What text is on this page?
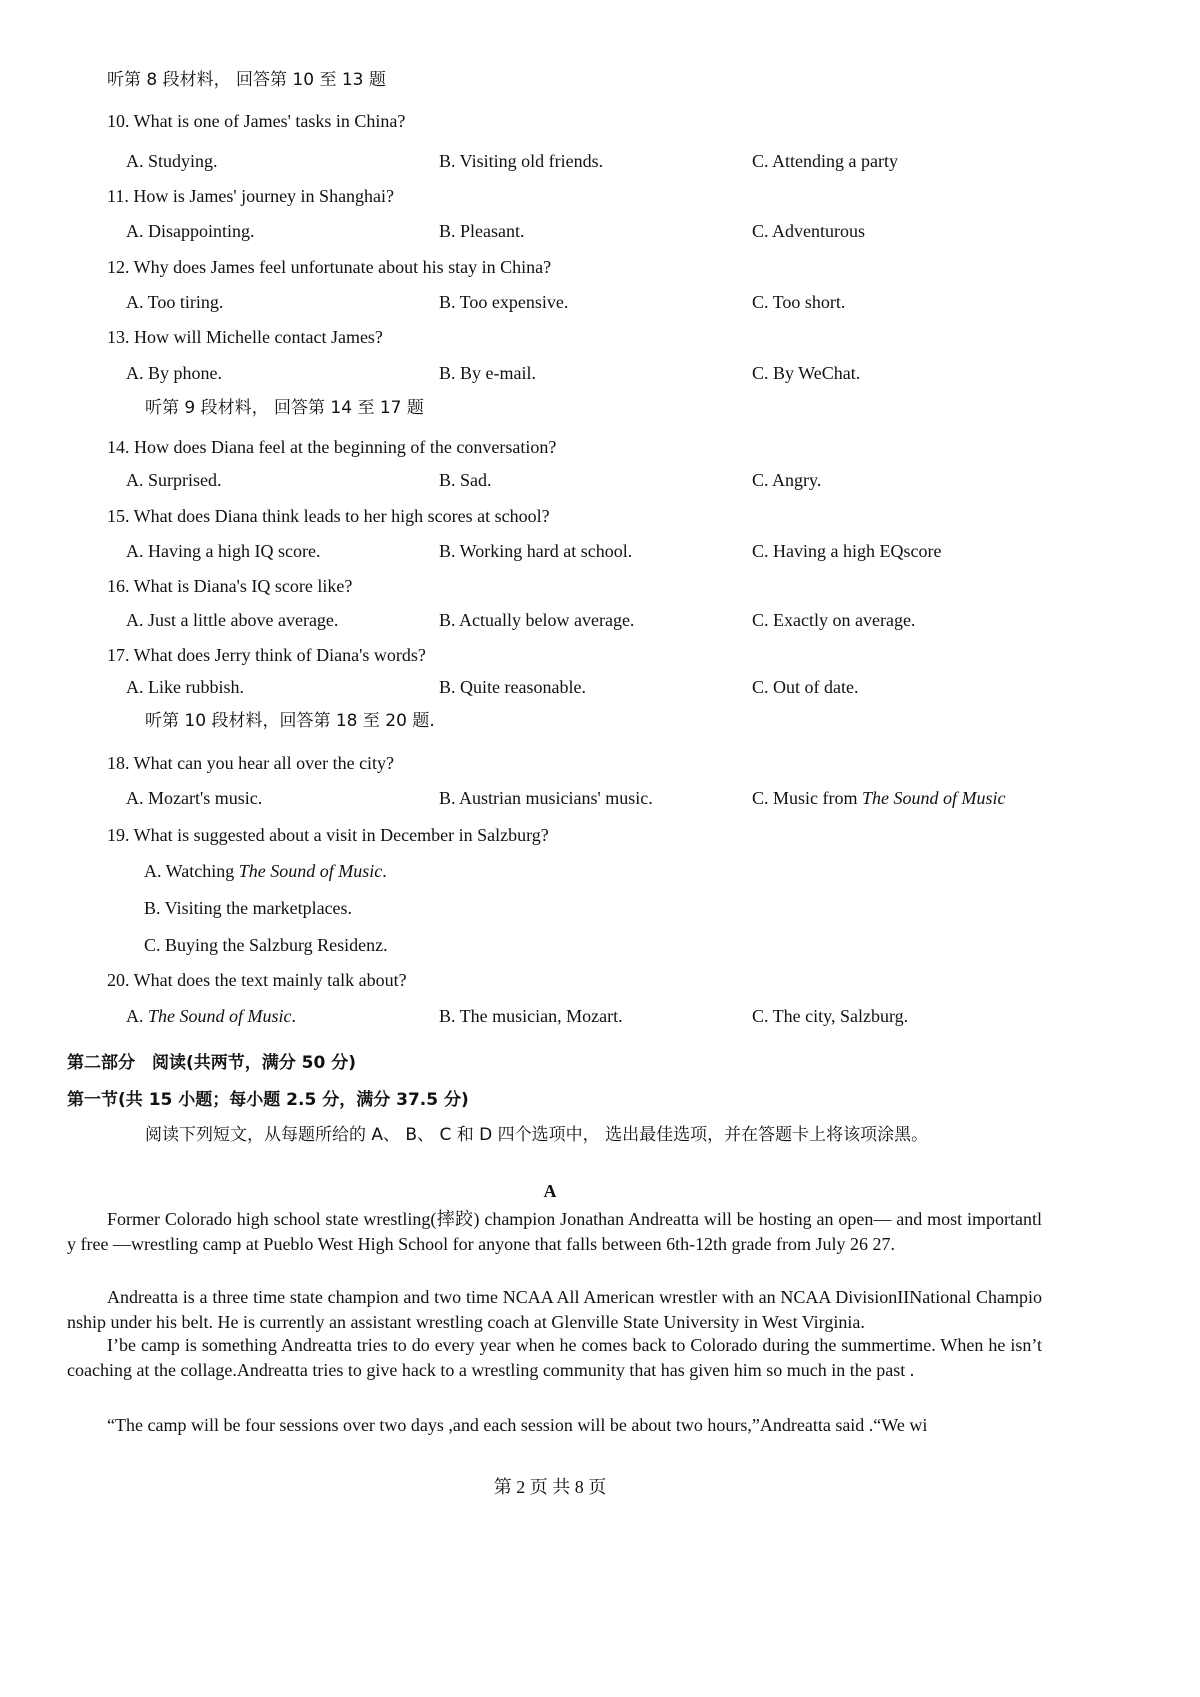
听第 8 段材料， 回答第 10 至 13 题
10. What is one of James' tasks in China?
A. Studying.	B. Visiting old friends.	C. Attending a party
11. How is James' journey in Shanghai?
A. Disappointing.	B. Pleasant.	C. Adventurous
12. Why does James feel unfortunate about his stay in China?
A. Too tiring.	B. Too expensive.	C. Too short.
13. How will Michelle contact James?
A. By phone.	B. By e-mail.	C. By WeChat.
听第 9 段材料， 回答第 14 至 17 题
14. How does Diana feel at the beginning of the conversation?
A. Surprised.	B. Sad.	C. Angry.
15. What does Diana think leads to her high scores at school?
A. Having a high IQ score.	B. Working hard at school.	C. Having a high EQscore
16. What is Diana's IQ score like?
A. Just a little above average.	B. Actually below average.	C. Exactly on average.
17. What does Jerry think of Diana's words?
A. Like rubbish.	B. Quite reasonable.	C. Out of date.
听第 10 段材料，回答第 18 至 20 题.
18. What can you hear all over the city?
A. Mozart's music.	B. Austrian musicians' music.	C. Music from The Sound of Music
19. What is suggested about a visit in December in Salzburg?
A. Watching The Sound of Music.
B. Visiting the marketplaces.
C. Buying the Salzburg Residenz.
20. What does the text mainly talk about?
A. The Sound of Music.	B. The musician, Mozart.	C. The city, Salzburg.
第二部分　阅读(共两节，满分 50 分)
第一节(共 15 小题；每小题 2.5 分，满分 37.5 分)
阅读下列短文，从每题所给的 A、 B、 C 和 D 四个选项中， 选出最佳选项，并在答题卡上将该项涂黑。
A
Former Colorado high school state wrestling(摔跤) champion Jonathan Andreatta will be hosting an open— and most importantly free —wrestling camp at Pueblo West High School for anyone that falls between 6th-12th grade from July 26 27.
Andreatta is a three time state champion and two time NCAA All American wrestler with an NCAA DivisionIINational Championship under his belt. He is currently an assistant wrestling coach at Glenville State University in West Virginia.
I’be camp is something Andreatta tries to do every year when he comes back to Colorado during the summertime. When he isn’t coaching at the collage.Andreatta tries to give hack to a wrestling community that has given him so much in the past .
“The camp will be four sessions over two days ,and each session will be about two hours,”Andreatta said .“We wi
第 2 页 共 8 页
